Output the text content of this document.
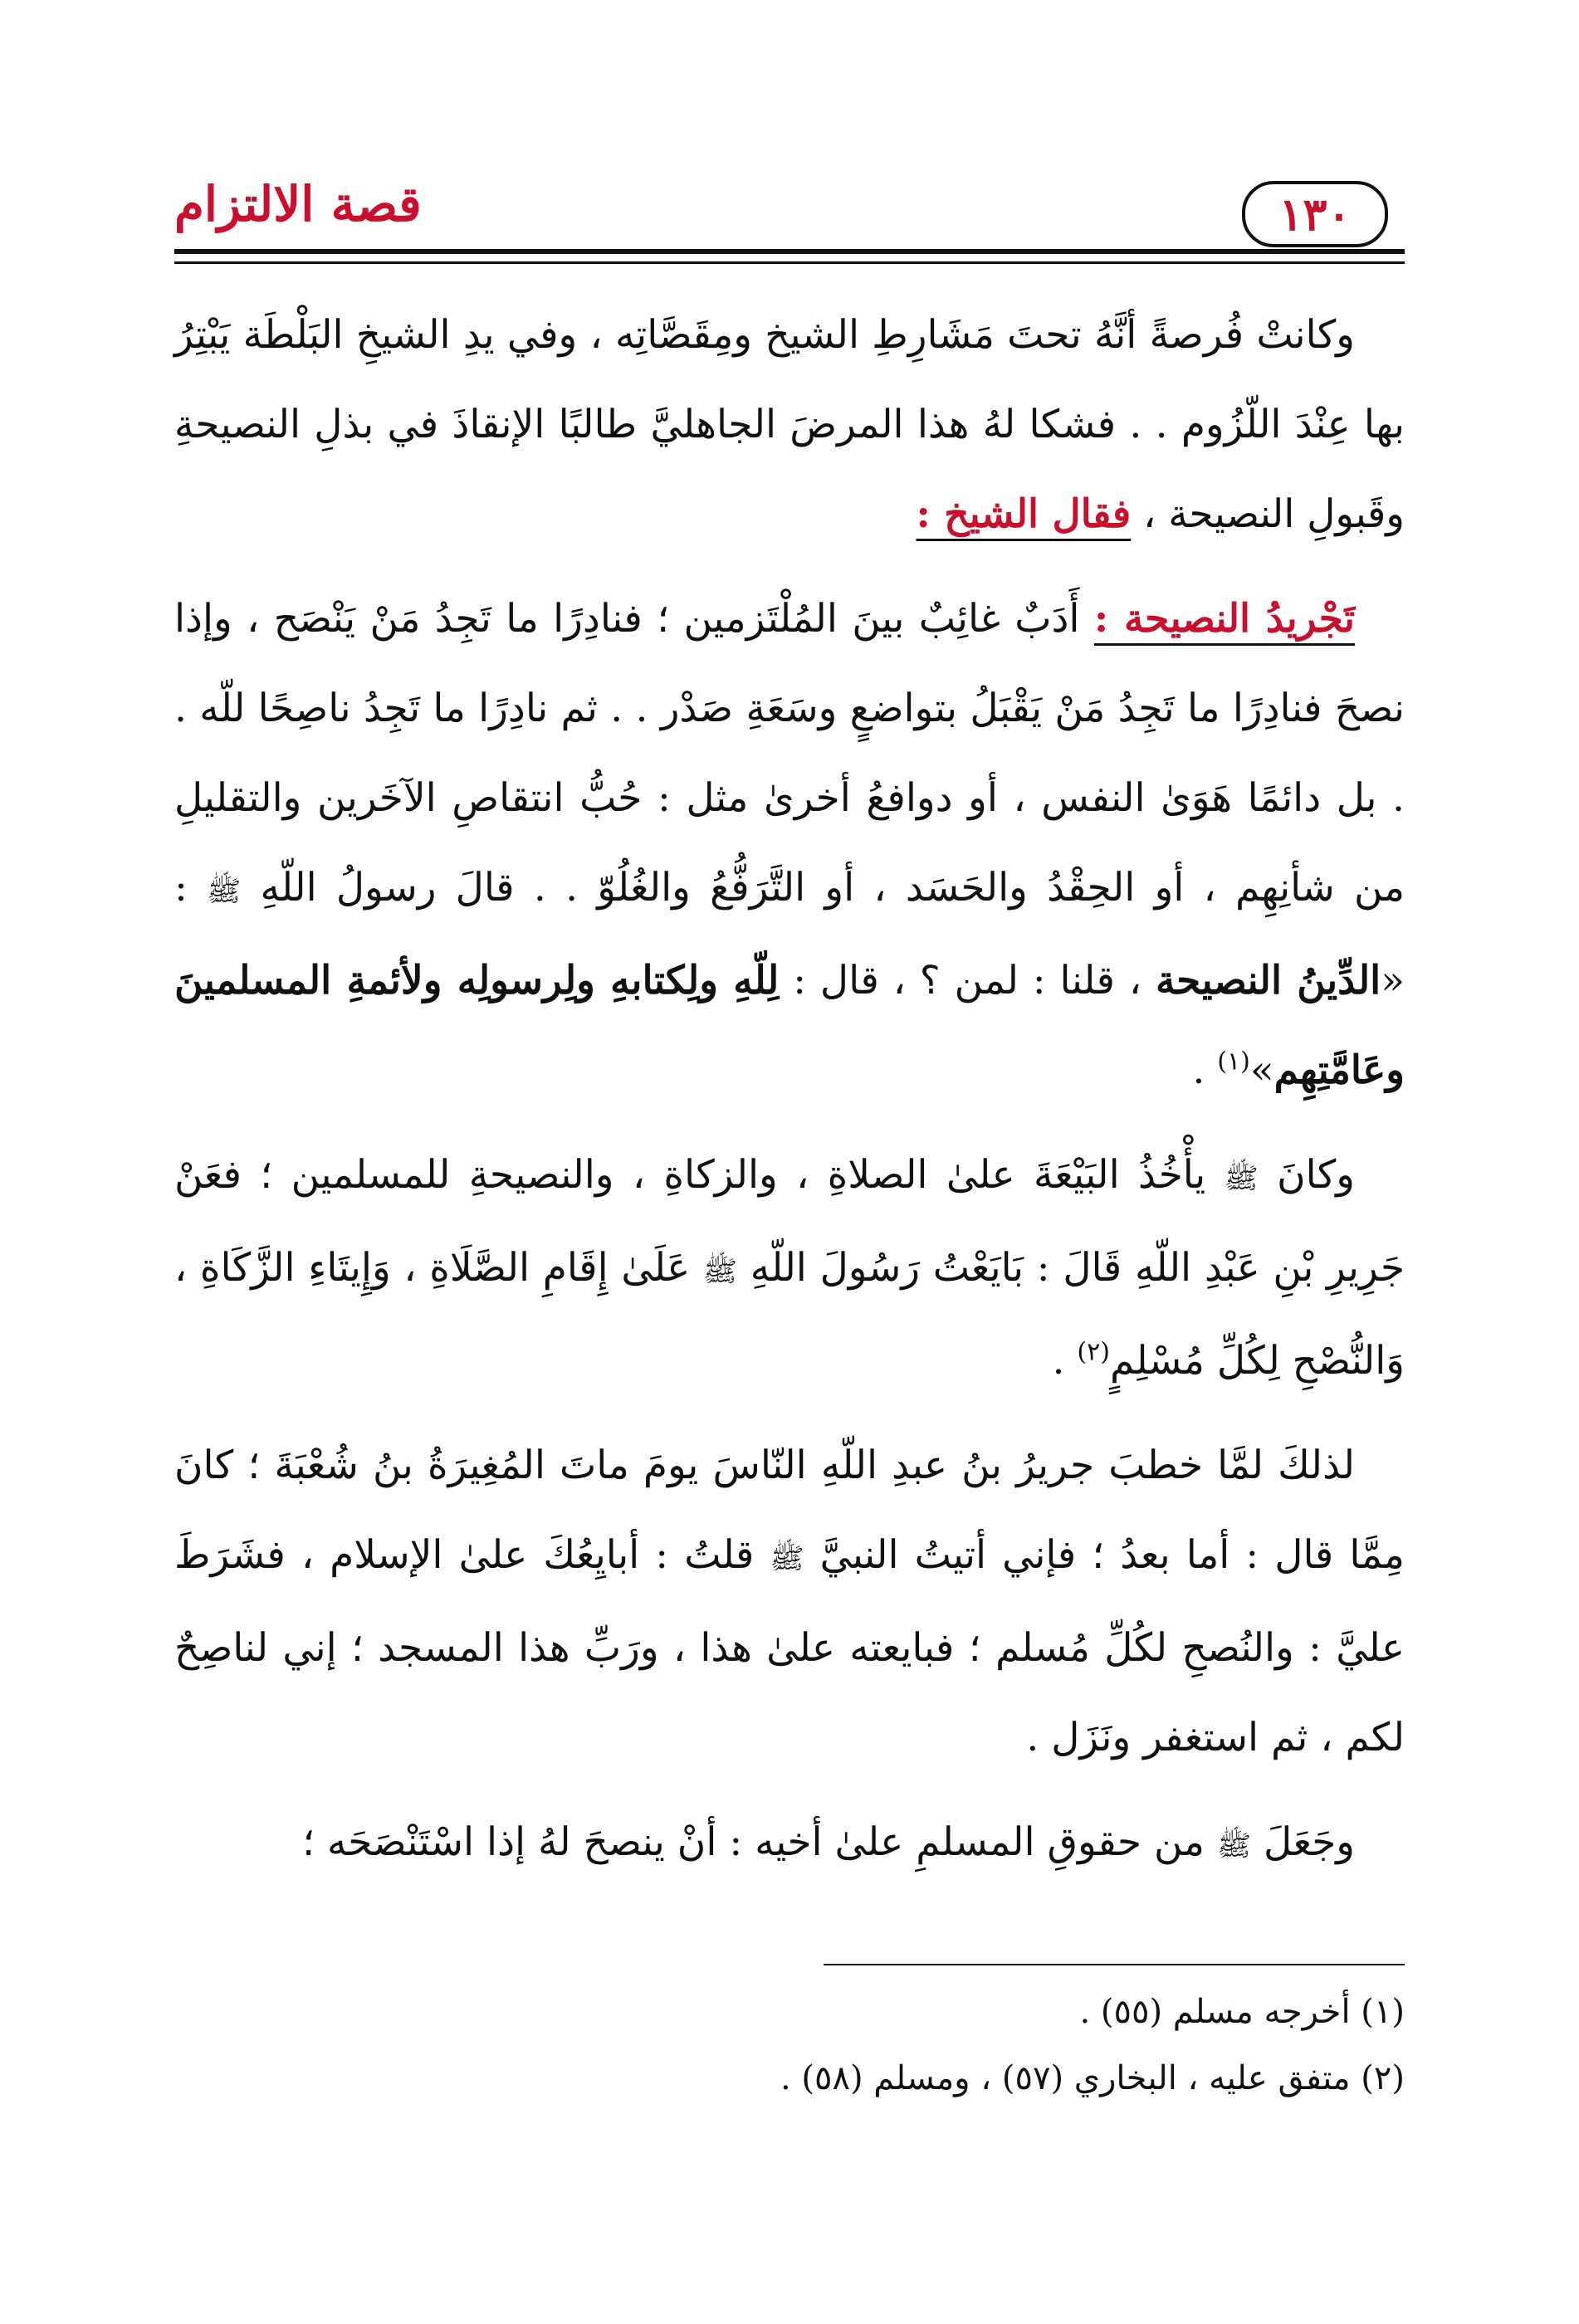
١٣٠
قصة الالتزام

وكانتْ فُرصةً أنَّهُ تحتَ مَشَارِطِ الشيخ ومِقَصَّاتِه ، وفي يدِ الشيخِ البَلْطَة يَبْتِرُ بها عِنْدَ اللّزُوم . . فشكا لهُ هذا المرضَ الجاهليَّ طالبًا الإنقاذَ في بذلِ النصيحةِ وقَبولِ النصيحة ، فقال الشيخ :

تَجْريدُ النصيحة : أَدَبٌ غائِبٌ بينَ المُلْتَزمين ؛ فنادِرًا ما تَجِدُ مَنْ يَنْصَح ، وإذا نصحَ فنادِرًا ما تَجِدُ مَنْ يَقْبَلُ بتواضعٍ وسَعَةِ صَدْر . . ثم نادِرًا ما تَجِدُ ناصِحًا للّه . . بل دائمًا هَوَىٰ النفس ، أو دوافعُ أخرىٰ مثل : حُبُّ انتقاصِ الآخَرين والتقليلِ من شأنِهِم ، أو الحِقْدُ والحَسَد ، أو التَّرَفُّعُ والغُلُوّ . . قالَ رسولُ اللّهِ ﷺ : «الدِّينُ النصيحة ، قلنا : لمن ؟ ، قال : لِلّهِ ولِكتابهِ ولِرسولِه ولأئمةِ المسلمينَ وعَامَّتِهِم»$^{(١)}$ .

وكانَ ﷺ يأْخُذُ البَيْعَةَ علىٰ الصلاةِ ، والزكاةِ ، والنصيحةِ للمسلمين ؛ فعَنْ جَرِيرِ بْنِ عَبْدِ اللّهِ قَالَ : بَايَعْتُ رَسُولَ اللّهِ ﷺ عَلَىٰ إِقَامِ الصَّلَاةِ ، وَإِيتَاءِ الزَّكَاةِ ، وَالنُّصْحِ لِكُلِّ مُسْلِمٍ$^{(٢)}$ .

لذلكَ لمَّا خطبَ جريرُ بنُ عبدِ اللّهِ النّاسَ يومَ ماتَ المُغِيرَةُ بنُ شُعْبَةَ ؛ كانَ مِمَّا قال : أما بعدُ ؛ فإني أتيتُ النبيَّ ﷺ قلتُ : أبايِعُكَ علىٰ الإسلام ، فشَرَطَ عليَّ : والنُصحِ لكُلِّ مُسلم ؛ فبايعته علىٰ هذا ، ورَبِّ هذا المسجد ؛ إني لناصِحٌ لكم ، ثم استغفر ونَزَل .

وجَعَلَ ﷺ من حقوقِ المسلمِ علىٰ أخيه : أنْ ينصحَ لهُ إذا اسْتَنْصَحَه ؛

(١) أخرجه مسلم (٥٥) .

(٢) متفق عليه ، البخاري (٥٧) ، ومسلم (٥٨) .
